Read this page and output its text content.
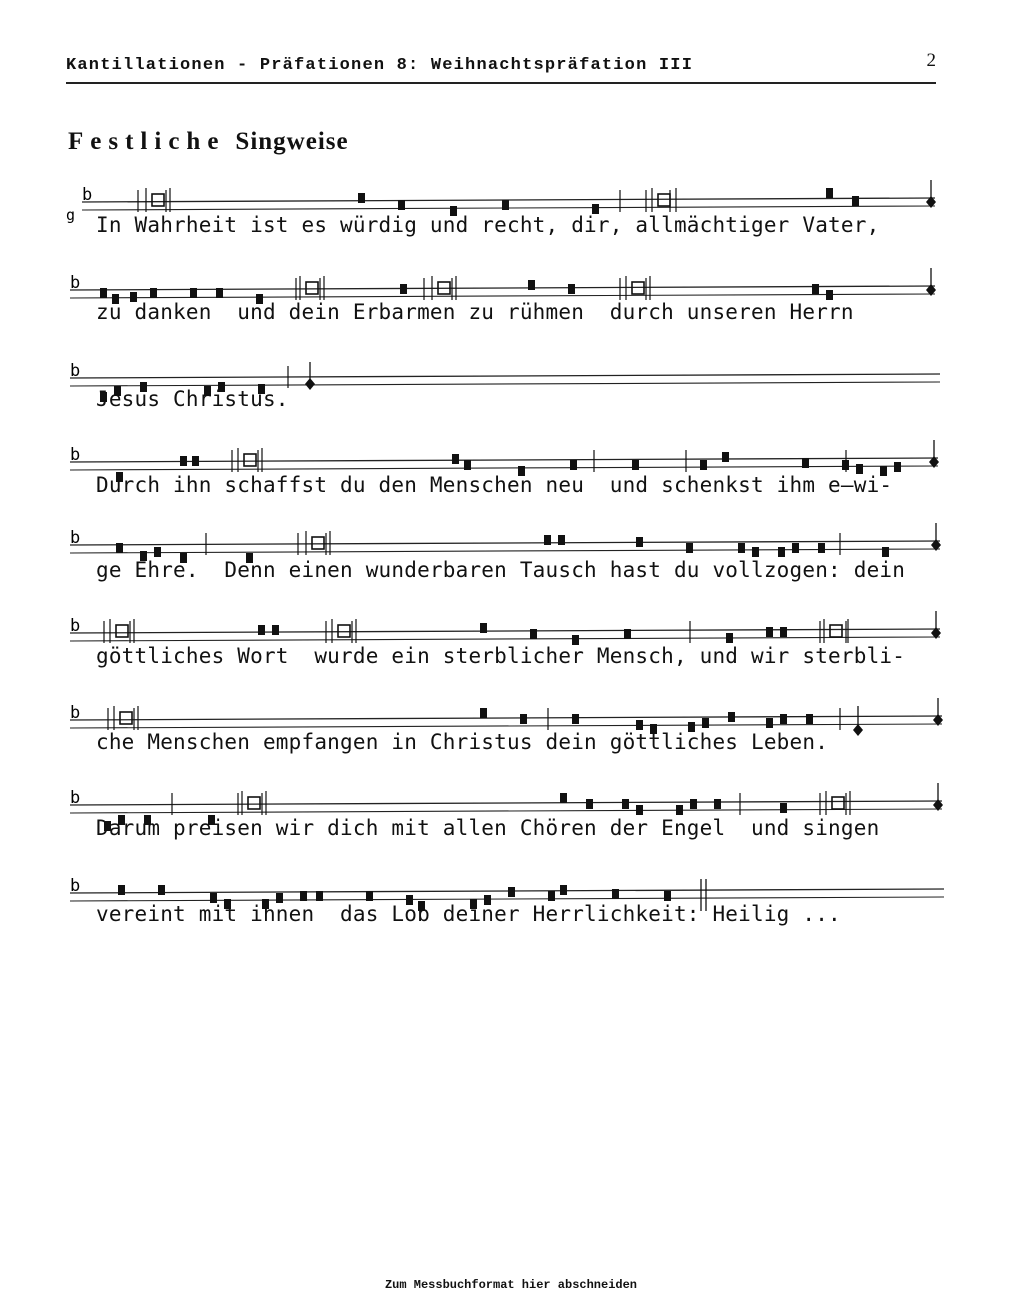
Kantillationen - Präfationen 8: Weihnachtspräfation III	2
Festliche Singweise
b
g
b
b
b
b
b
b
b
b
In Wahrheit ist es würdig und recht, dir, allmächtiger Vater,
zu danken  und dein Erbarmen zu rühmen  durch unseren Herrn
Jesus Christus.
Durch ihn schaffst du den Menschen neu  und schenkst ihm e—wi-
ge Ehre.  Denn einen wunderbaren Tausch hast du vollzogen: dein
göttliches Wort  wurde ein sterblicher Mensch, und wir sterbli-
che Menschen empfangen in Christus dein göttliches Leben.
Darum preisen wir dich mit allen Chören der Engel  und singen
vereint mit ihnen  das Lob deiner Herrlichkeit: Heilig ...
Zum Messbuchformat hier abschneiden
